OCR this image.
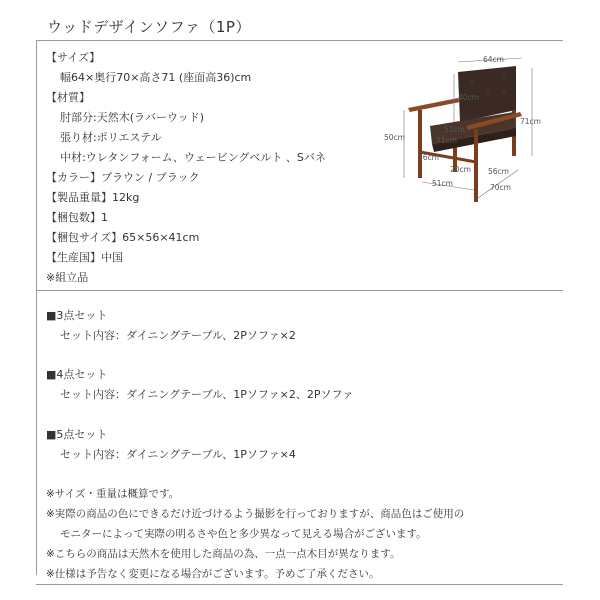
ウッドデザインソファ（1P）
【サイズ】
幅64×奥行70×高さ71 (座面高36)cm
【材質】
肘部分:天然木(ラバーウッド)
張り材:ポリエステル
中材:ウレタンフォーム、ウェービングベルト 、Sバネ
【カラー】ブラウン / ブラック
【製品重量】12kg
【梱包数】1
【梱包サイズ】65×56×41cm
【生産国】中国
※組立品
64cm
40cm
51cm
51cm
50cm
71cm
36cm
20cm
51cm
56cm
70cm
■3点セット
セット内容：ダイニングテーブル、2Pソファ×2
■4点セット
セット内容：ダイニングテーブル、1Pソファ×2、2Pソファ
■5点セット
セット内容：ダイニングテーブル、1Pソファ×4
※サイズ・重量は概算です。
※実際の商品の色にできるだけ近づけるよう撮影を行っておりますが、商品色はご使用の
モニターによって実際の明るさや色と多少異なって見える場合がございます。
※こちらの商品は天然木を使用した商品の為、一点一点木目が異なります。
※仕様は予告なく変更になる場合がございます。予めご了承ください。
